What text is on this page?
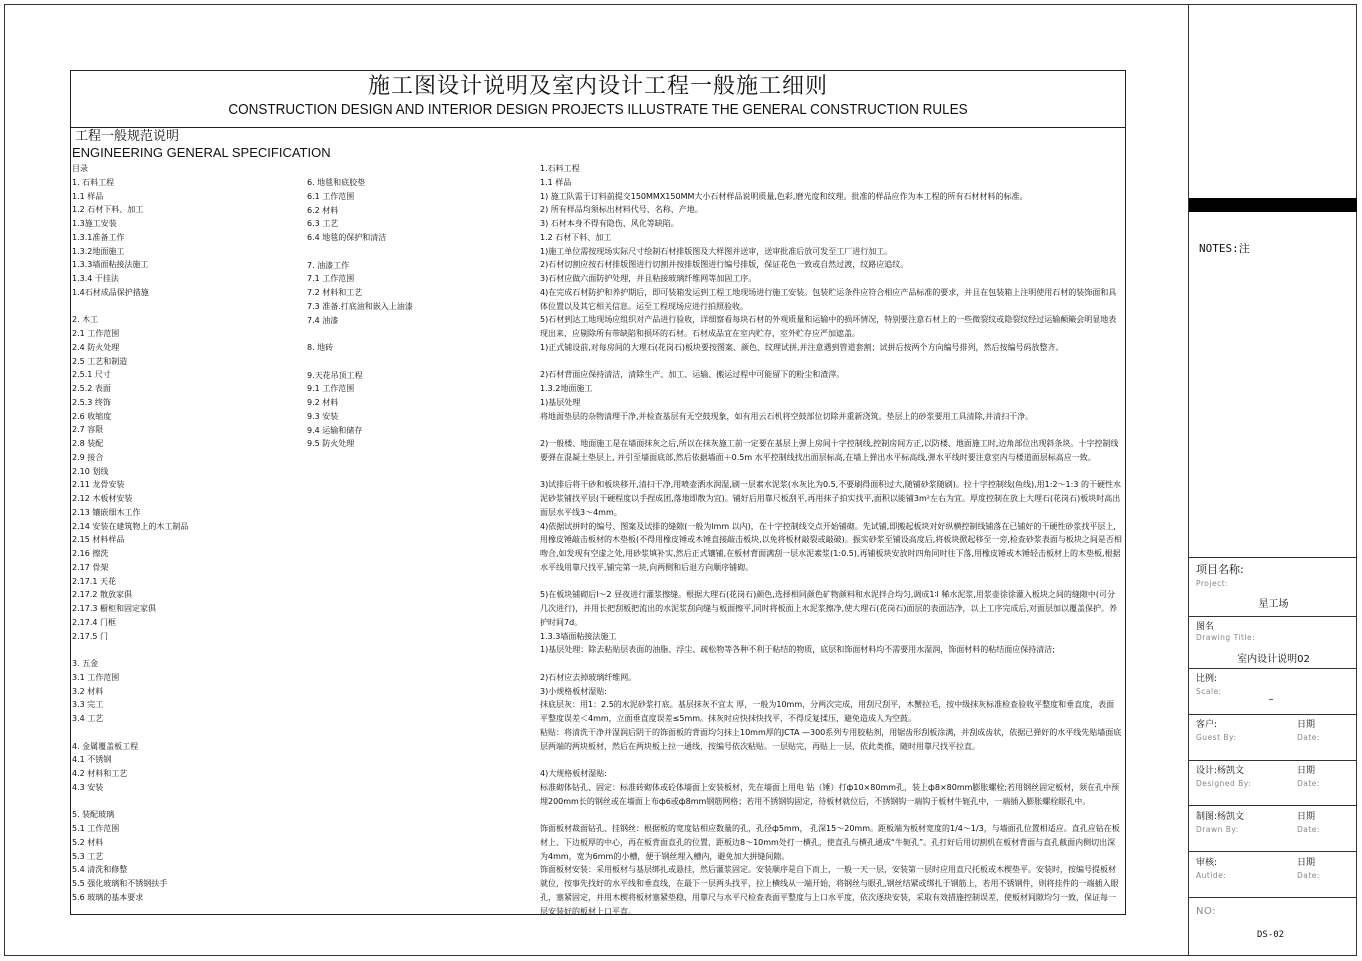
施工图设计说明及室内设计工程一般施工细则
CONSTRUCTION DESIGN AND INTERIOR DESIGN PROJECTS ILLUSTRATE THE GENERAL CONSTRUCTION RULES
工程一般规范说明
ENGINEERING GENERAL SPECIFICATION
目录
1. 石料工程
1.1 样品
1.2 石材下料、加工
1.3施工安装
1.3.1准备工作
1.3.2地面施工
1.3.3墙面粘接法施工
1.3.4 干挂法
1.4石材成品保护措施
2. 木工
2.1 工作范围
2.4 防火处理
2.5 工艺和制造
2.5.1 尺寸
2.5.2 表面
2.5.3 终饰
2.6 收缩度
2.7 容限
2.8 装配
2.9 接合
2.10 划线
2.11 龙骨安装
2.12 木板材安装
2.13 镶嵌细木工作
2.14 安装在建筑物上的木工制品
2.15 材料样品
2.16 擦洗
2.17 骨架
2.17.1 天花
2.17.2 散放家俱
2.17.3 橱柜和固定家俱
2.17.4 门框
2.17.5 门
3. 五金
3.1 工作范围
3.2 材料
3.3 完工
3.4 工艺
4. 金属覆盖板工程
4.1 不锈钢
4.2 材料和工艺
4.3 安装
5. 装配玻璃
5.1 工作范围
5.2 材料
5.3 工艺
5.4 清洗和修整
5.5 强化玻璃和不锈钢扶手
5.6 玻璃的基本要求
6. 地毯和底胶垫
6.1 工作范围
6.2 材料
6.3 工艺
6.4 地毯的保护和清洁
7. 油漆工作
7.1 工作范围
7.2 材料和工艺
7.3 准备.打底油和嵌入上油漆
7.4 油漆
8. 地砖
9.天花吊顶工程
9.1 工作范围
9.2 材料
9.3 安装
9.4 运输和储存
9.5 防火处理
1.石料工程
1.1 样品
1) 施工队需于订料前提交150MMX150MM大小石材样品说明质量,色彩,磨光度和纹理。批准的样品应作为本工程的所有石材材料的标准。
2) 所有样品均须标出材料代号、名称、产地。
3) 石材本身不得有隐伤、风化等缺陷。
1.2 石材下料、加工
1)施工单位需按现场实际尺寸绘制石材排版图及大样图并送审，送审批准后放可发至工厂进行加工。
2)石材切割应按石材排版图进行切割并按排版图进行编号排版，保证花色一致或自然过渡，纹路应追纹。
3)石材应做六面防护处理，并且粘接玻璃纤维网等加固工序。
4)在完成石材防护和养护期后，即可装箱发运到工程工地现场进行施工安装。包装贮运条件应符合相应产品标准的要求，并且在包装箱上注明使用石材的装饰面和具体位置以及其它相关信息。运至工程现场应进行拍照验收。
5)石材到达工地现场应组织对产品进行验收，详细察看每块石材的外观质量和运输中的损坏情况，特别要注意石材上的一些微裂纹或隐裂纹经过运输颠簸会明显地表现出来，应剔除所有带缺陷和损坏的石材。石材成品宜在室内贮存，室外贮存应严加遮盖。
1)正式铺设前,对每房间的大理石(花岗石)板块要按图案、颜色、纹理试拼,并注意遇到管道套割；试拼后按两个方向编号排列，然后按编号码放整齐。
2)石材背面应保持清洁，清除生产、加工、运输、搬运过程中可能留下的粉尘和渣滓。
1.3.2地面施工
1)基层处理
将地面垫层的杂物清理干净,并检查基层有无空鼓现象，如有用云石机将空鼓部位切除并重新浇筑。垫层上的砂浆要用工具清除,并清扫干净。
2)一般楼、地面施工是在墙面抹灰之后,所以在抹灰施工前一定要在基层上弹上房间十字控制线,控制房间方正,以防楼、地面施工时,边角部位出现斜条块。十字控制线要弹在混凝土垫层上, 并引至墙面底部,然后依据墙面＋0.5m 水平控制线找出面层标高,在墙上弹出水平标高线,弹水平线时要注意室内与楼道面层标高应一致。
3)试排后将干砂和板块移开,清扫干净,用喷壶洒水润湿,刷一层素水泥浆(水灰比为0.5,不要刷得面积过大,随铺砂浆随刷)。拉十字控制线(鱼线),用1:2～1:3 的干硬性水泥砂浆铺找平层(干硬程度以手捏成团,落地即散为宜)。铺好后用靠尺板刮平,再用抹子拍实找平,面积以能铺3m²左右为宜。厚度控制在放上大理石(花岗石)板块时高出面层水平线3～4mm。
4)依据试拼时的编号、图案及试排的缝隙(一般为lmm 以内)，在十字控制线交点开始铺砌。先试铺,即搬起板块对好纵横控制线铺落在已铺好的干硬性砂浆找平层上,用橡皮锤敲击板材的木垫板(不得用橡皮锤或木锤直接敲击板块,以免将板材敲裂或敲破)。振实砂浆至铺设高度后,将板块掀起移至一旁,检查砂浆表面与板块之间是否相吻合,如发现有空虚之处,用砂浆填补实,然后正式镶铺,在板材背面满刮一层水泥素浆(1:0.5),再铺板块安放时四角同时往下落,用橡皮锤或木锤轻击板材上的木垫板,根据水平线用靠尺找平,铺完第一块,向两侧和后退方向顺序铺砌。
5)在板块铺砌后l～2 昼夜进行灌浆擦缝。根据大理石(花岗石)颜色,选择相同颜色矿物颜料和水泥拌合均匀,调成1∶l 稀水泥浆,用浆壶徐徐灌入板块之间的缝隙中(可分几次进行)，并用长把刮板把流出的水泥浆刮向缝与板面擦平,同时将板面上水泥浆擦净,使大理石(花岗石)面层的表面洁净，以上工序完成后,对面层加以覆盖保护。养护时间7d。
1.3.3墙面粘接法施工
1)基层处理：除去粘贴层表面的油脂、浮尘、疏松物等各种不利于粘结的物质，底层和饰面材料均不需要用水湿润，饰面材料的粘结面应保持清洁;
2)石材应去掉玻璃纤维网。
3)小规格板材湿贴:
抹底层灰：用1：2.5的水泥砂浆打底。基层抹灰不宜太 厚，一般为10mm，分两次完成，用刮尺刮平，木蟹拉毛，按中级抹灰标准检查验收平整度和垂直度，表面平整度误差＜4mm，立面垂直度误差≤5mm。抹灰时应快抹快找平，不得反复揉压，避免造成人为空鼓。
粘贴：将清洗干净并湿润后阴干的饰面板的背面均匀抹上10mm厚的JCTA —300系列专用胶粘剂，用锯齿形刮板涂满，并刮成齿状，依据已弹好的水平线先贴墙面底层两端的两块板材，然后在两块板上拉一通线，按编号依次粘贴。一层贴完，再贴上一层，依此类推，随时用靠尺找平拉直。
4)大规格板材湿贴:
标准砌体钻孔、固定：标准砖砌体或砼体墙面上安装板材，先在墙面上用电 钻（锤）打ф10×80mm孔，装上ф8×80mm膨胀螺栓;若用钢丝固定板材，须在孔中预埋200mm长的钢丝或在墙面上布ф6或ф8mm钢筋网格；若用不锈钢钩固定，待板材就位后，不锈钢钩一端钩于板材牛轭孔中，一端插入膨胀螺栓眼孔中。
饰面板材裁面钻孔、挂钢丝：根据板的宽度钻相应数量的孔，孔径ф5mm， 孔深15～20mm。距板端为板材宽度的1/4～1/3，与墙面孔位置相适应。直孔应钻在板材上、下边板厚的中心，再在板背面直孔的位置，距板边8～10mm处打一横孔，使直孔与横孔通成“牛轭孔”。孔打好后用切割机在板材背面与直孔截面内侧切出深为4mm，宽为6mm的小槽，便于钢丝埋入槽内，避免加大拼缝间隙。
饰面板材安装：采用板材与基层绑扎或悬挂，然后灌浆固定。安装顺序是自下而上，一般一天一层，安装第一层时应用直尺托板或木楔垫平。安装时，按编号提板材就位，按事先找好的水平线和垂直线，在最下一层两头找平，拉上横线从一端开始，将钢丝与眼孔,钢丝结紧或绑扎于钢筋上，若用不锈钢件，则将挂件的一端插入眼孔，塞紧固定，并用木楔将板材塞紧垫稳，用靠尺与水平尺检查表面平整度与上口水平度，依次逐块安装，采取有效措施控制误差，使板材间隙均匀一致，保证每一层安装好的板材上口平直。
NOTES:注
项目名称:
Project:
星工场
图名
Drawing Title:
室内设计说明02
比例:
Scale:
–
客户:
Guest By:
日期
Date:
设计:杨凯文
Designed By:
日期
Date:
制图:杨凯文
Drawn By:
日期
Date:
审核:
Autide:
日期
Date:
NO:
DS-02
